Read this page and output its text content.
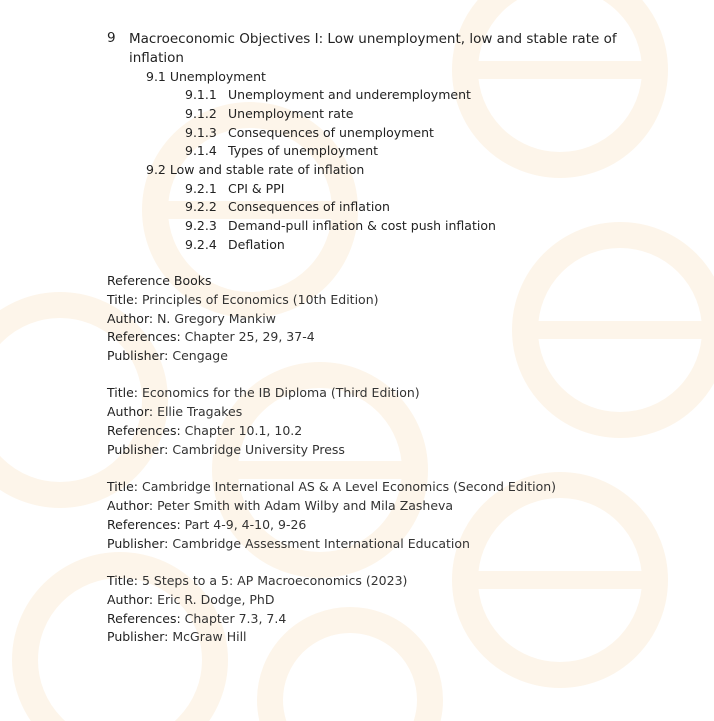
9 Macroeconomic Objectives I: Low unemployment, low and stable rate of inflation
9.1 Unemployment
9.1.1 Unemployment and underemployment
9.1.2 Unemployment rate
9.1.3 Consequences of unemployment
9.1.4 Types of unemployment
9.2 Low and stable rate of inflation
9.2.1 CPI & PPI
9.2.2 Consequences of inflation
9.2.3 Demand-pull inflation & cost push inflation
9.2.4 Deflation
Reference Books
Title: Principles of Economics (10th Edition)
Author: N. Gregory Mankiw
References: Chapter 25, 29, 37-4
Publisher: Cengage
Title: Economics for the IB Diploma (Third Edition)
Author: Ellie Tragakes
References: Chapter 10.1, 10.2
Publisher: Cambridge University Press
Title: Cambridge International AS & A Level Economics (Second Edition)
Author: Peter Smith with Adam Wilby and Mila Zasheva
References: Part 4-9, 4-10, 9-26
Publisher: Cambridge Assessment International Education
Title: 5 Steps to a 5: AP Macroeconomics (2023)
Author: Eric R. Dodge, PhD
References: Chapter 7.3, 7.4
Publisher: McGraw Hill
